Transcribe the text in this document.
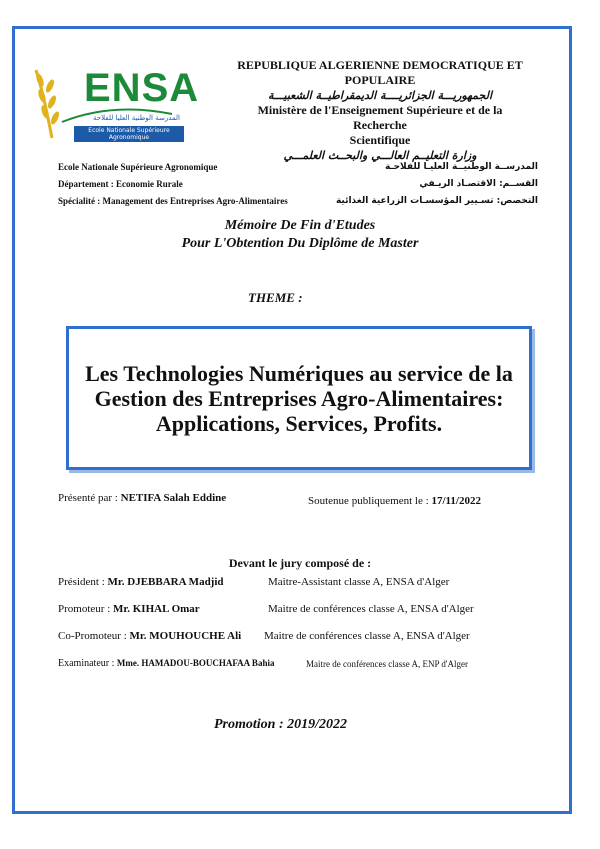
ENSA
المدرسة الوطنية العليا للفلاحة
Ecole Nationale Supérieure Agronomique
REPUBLIQUE ALGERIENNE DEMOCRATIQUE ET
POPULAIRE
الجمهوريـــة الجزائريــــة الديمقراطيــة الشعبيـــة
Ministère de l'Enseignement Supérieure et de la Recherche
Scientifique
وزارة التعليــم العالـــي والبحــث العلمـــي
Ecole Nationale Supérieure Agronomique
Département : Economie Rurale
Spécialité : Management des Entreprises Agro-Alimentaires
المدرســة الوطنيــة العليـا للفلاحـة
القســم: الاقتصـاد الريـفي
التخصص: تسـيير المؤسسـات الزراعية الغذائية
Mémoire De Fin d'Etudes
Pour L'Obtention Du Diplôme de Master
THEME :
Les Technologies Numériques au service de la Gestion des Entreprises Agro-Alimentaires: Applications, Services, Profits.
Présenté par : NETIFA Salah Eddine	Soutenue publiquement le : 17/11/2022
Devant le jury composé de :
Président : Mr. DJEBBARA Madjid	Maitre-Assistant classe A, ENSA d'Alger
Promoteur : Mr. KIHAL Omar	Maitre de conférences classe A, ENSA d'Alger
Co-Promoteur : Mr. MOUHOUCHE Ali Maitre de conférences classe A, ENSA d'Alger
Examinateur : Mme. HAMADOU-BOUCHAFAA Bahia	Maitre de conférences classe A, ENP d'Alger
Promotion : 2019/2022
